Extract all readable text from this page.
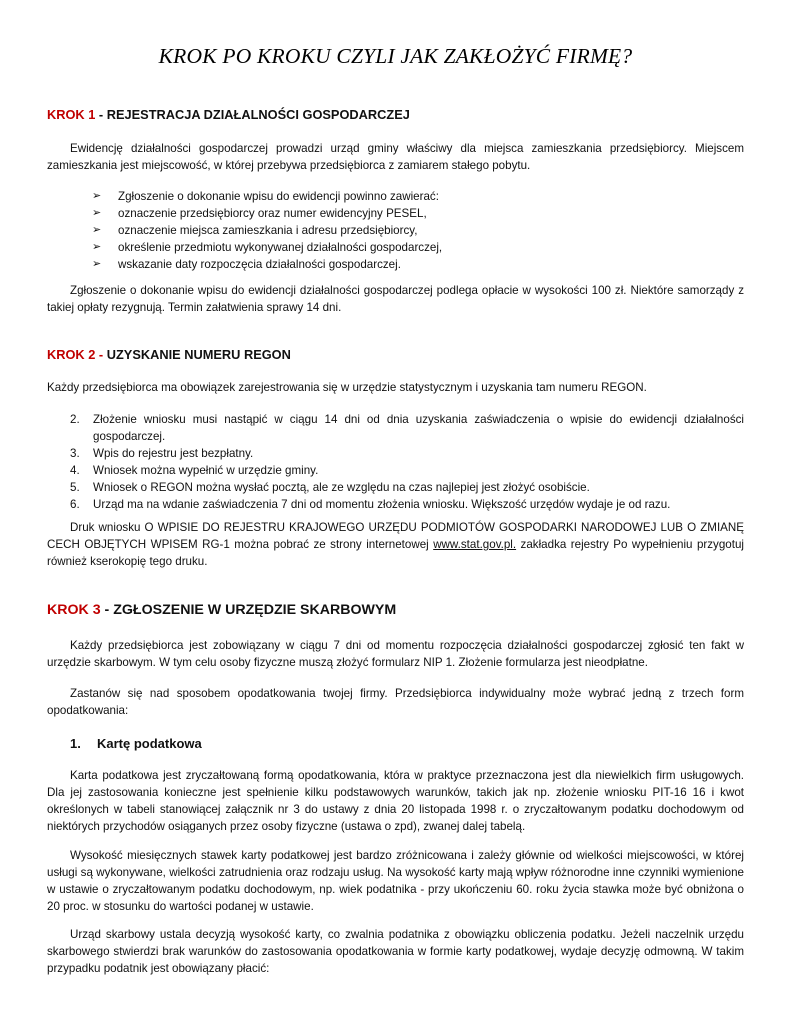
KROK PO KROKU CZYLI JAK ZAKŁOŻYĆ FIRMĘ?
KROK 1 - REJESTRACJA DZIAŁALNOŚCI GOSPODARCZEJ

Ewidencję działalności gospodarczej prowadzi urząd gminy właściwy dla miejsca zamieszkania przedsiębiorcy. Miejscem zamieszkania jest miejscowość, w której przebywa przedsiębiorca z zamiarem stałego pobytu.

➢ Zgłoszenie o dokonanie wpisu do ewidencji powinno zawierać:
➢ oznaczenie przedsiębiorcy oraz numer ewidencyjny PESEL,
➢ oznaczenie miejsca zamieszkania i adresu przedsiębiorcy,
➢ określenie przedmiotu wykonywanej działalności gospodarczej,
➢ wskazanie daty rozpoczęcia działalności gospodarczej.

Zgłoszenie o dokonanie wpisu do ewidencji działalności gospodarczej podlega opłacie w wysokości 100 zł. Niektóre samorządy z takiej opłaty rezygnują. Termin załatwienia sprawy 14 dni.

KROK 2 - UZYSKANIE NUMERU REGON

Każdy przedsiębiorca ma obowiązek zarejestrowania się w urzędzie statystycznym i uzyskania tam numeru REGON.

2. Złożenie wniosku musi nastąpić w ciągu 14 dni od dnia uzyskania zaświadczenia o wpisie do ewidencji działalności gospodarczej.
3. Wpis do rejestru jest bezpłatny.
4. Wniosek można wypełnić w urzędzie gminy.
5. Wniosek o REGON można wysłać pocztą, ale ze względu na czas najlepiej jest złożyć osobiście.
6. Urząd ma na wdanie zaświadczenia 7 dni od momentu złożenia wniosku. Większość urzędów wydaje je od razu.

Druk wniosku O WPISIE DO REJESTRU KRAJOWEGO URZĘDU PODMIOTÓW GOSPODARKI NARODOWEJ LUB O ZMIANĘ CECH OBJĘTYCH WPISEM RG-1 można pobrać ze strony internetowej www.stat.gov.pl. zakładka rejestry Po wypełnieniu przygotuj również kserokopię tego druku.

KROK 3 - ZGŁOSZENIE W URZĘDZIE SKARBOWYM

Każdy przedsiębiorca jest zobowiązany w ciągu 7 dni od momentu rozpoczęcia działalności gospodarczej zgłosić ten fakt w urzędzie skarbowym. W tym celu osoby fizyczne muszą złożyć formularz NIP 1. Złożenie formularza jest nieodpłatne.

Zastanów się nad sposobem opodatkowania twojej firmy. Przedsiębiorca indywidualny może wybrać jedną z trzech form opodatkowania:

1. Kartę podatkowa

Karta podatkowa jest zryczałtowaną formą opodatkowania, która w praktyce przeznaczona jest dla niewielkich firm usługowych. Dla jej zastosowania konieczne jest spełnienie kilku podstawowych warunków, takich jak np. złożenie wniosku PIT-16 16 i kwot określonych w tabeli stanowiącej załącznik nr 3 do ustawy z dnia 20 listopada 1998 r. o zryczałtowanym podatku dochodowym od niektórych przychodów osiąganych przez osoby fizyczne (ustawa o zpd), zwanej dalej tabelą.

Wysokość miesięcznych stawek karty podatkowej jest bardzo zróżnicowana i zależy głównie od wielkości miejscowości, w której usługi są wykonywane, wielkości zatrudnienia oraz rodzaju usług. Na wysokość karty mają wpływ różnorodne inne czynniki wymienione w ustawie o zryczałtowanym podatku dochodowym, np. wiek podatnika - przy ukończeniu 60. roku życia stawka może być obniżona o 20 proc. w stosunku do wartości podanej w ustawie.

Urząd skarbowy ustala decyzją wysokość karty, co zwalnia podatnika z obowiązku obliczenia podatku. Jeżeli naczelnik urzędu skarbowego stwierdzi brak warunków do zastosowania opodatkowania w formie karty podatkowej, wydaje decyzję odmowną. W takim przypadku podatnik jest obowiązany płacić:
